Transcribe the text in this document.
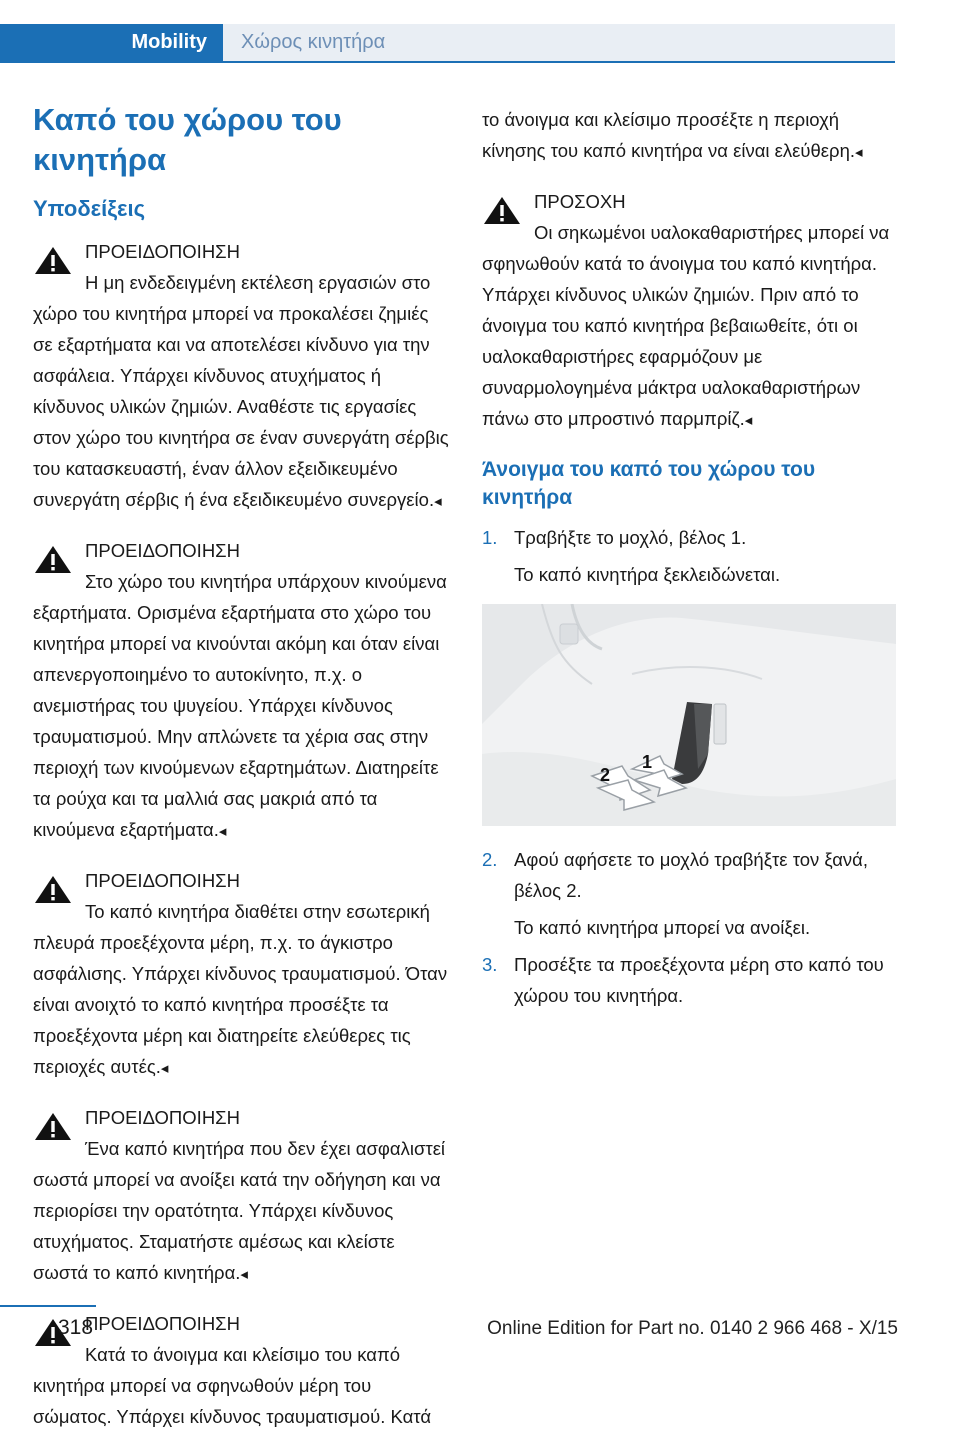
Mobility	Χώρος κινητήρα
Καπό του χώρου του κινητήρα
Υποδείξεις

ΠΡΟΕΙΔΟΠΟΙΗΣΗ
Η μη ενδεδειγμένη εκτέλεση εργασιών στο χώρο του κινητήρα μπορεί να προκαλέσει ζημιές σε εξαρτήματα και να αποτελέσει κίνδυνο για την ασφάλεια. Υπάρχει κίνδυνος ατυχήματος ή κίνδυνος υλικών ζημιών. Αναθέστε τις εργασίες στον χώρο του κινητήρα σε έναν συνεργάτη σέρβις του κατασκευαστή, έναν άλλον εξειδικευμένο συνεργάτη σέρβις ή ένα εξειδικευμένο συνεργείο.◂

ΠΡΟΕΙΔΟΠΟΙΗΣΗ
Στο χώρο του κινητήρα υπάρχουν κινούμενα εξαρτήματα. Ορισμένα εξαρτήματα στο χώρο του κινητήρα μπορεί να κινούνται ακόμη και όταν είναι απενεργοποιημένο το αυτοκίνητο, π.χ. ο ανεμιστήρας του ψυγείου. Υπάρχει κίνδυνος τραυματισμού. Μην απλώνετε τα χέρια σας στην περιοχή των κινούμενων εξαρτημάτων. Διατηρείτε τα ρούχα και τα μαλλιά σας μακριά από τα κινούμενα εξαρτήματα.◂

ΠΡΟΕΙΔΟΠΟΙΗΣΗ
Το καπό κινητήρα διαθέτει στην εσωτερική πλευρά προεξέχοντα μέρη, π.χ. το άγκιστρο ασφάλισης. Υπάρχει κίνδυνος τραυματισμού. Όταν είναι ανοιχτό το καπό κινητήρα προσέξτε τα προεξέχοντα μέρη και διατηρείτε ελεύθερες τις περιοχές αυτές.◂

ΠΡΟΕΙΔΟΠΟΙΗΣΗ
Ένα καπό κινητήρα που δεν έχει ασφαλιστεί σωστά μπορεί να ανοίξει κατά την οδήγηση και να περιορίσει την ορατότητα. Υπάρχει κίνδυνος ατυχήματος. Σταματήστε αμέσως και κλείστε σωστά το καπό κινητήρα.◂

ΠΡΟΕΙΔΟΠΟΙΗΣΗ
Κατά το άνοιγμα και κλείσιμο του καπό κινητήρα μπορεί να σφηνωθούν μέρη του σώματος. Υπάρχει κίνδυνος τραυματισμού. Κατά

το άνοιγμα και κλείσιμο προσέξτε η περιοχή κίνησης του καπό κινητήρα να είναι ελεύθερη.◂

ΠΡΟΣΟΧΗ
Οι σηκωμένοι υαλοκαθαριστήρες μπορεί να σφηνωθούν κατά το άνοιγμα του καπό κινητήρα. Υπάρχει κίνδυνος υλικών ζημιών. Πριν από το άνοιγμα του καπό κινητήρα βεβαιωθείτε, ότι οι υαλοκαθαριστήρες εφαρμόζουν με συναρμολογημένα μάκτρα υαλοκαθαριστήρων πάνω στο μπροστινό παρμπρίζ.◂

Άνοιγμα του καπό του χώρου του κινητήρα
1. Τραβήξτε το μοχλό, βέλος 1.
Το καπό κινητήρα ξεκλειδώνεται.
1
2
2. Αφού αφήσετε το μοχλό τραβήξτε τον ξανά, βέλος 2.
Το καπό κινητήρα μπορεί να ανοίξει.
3. Προσέξτε τα προεξέχοντα μέρη στο καπό του χώρου του κινητήρα.
318	Online Edition for Part no. 0140 2 966 468 - X/15
